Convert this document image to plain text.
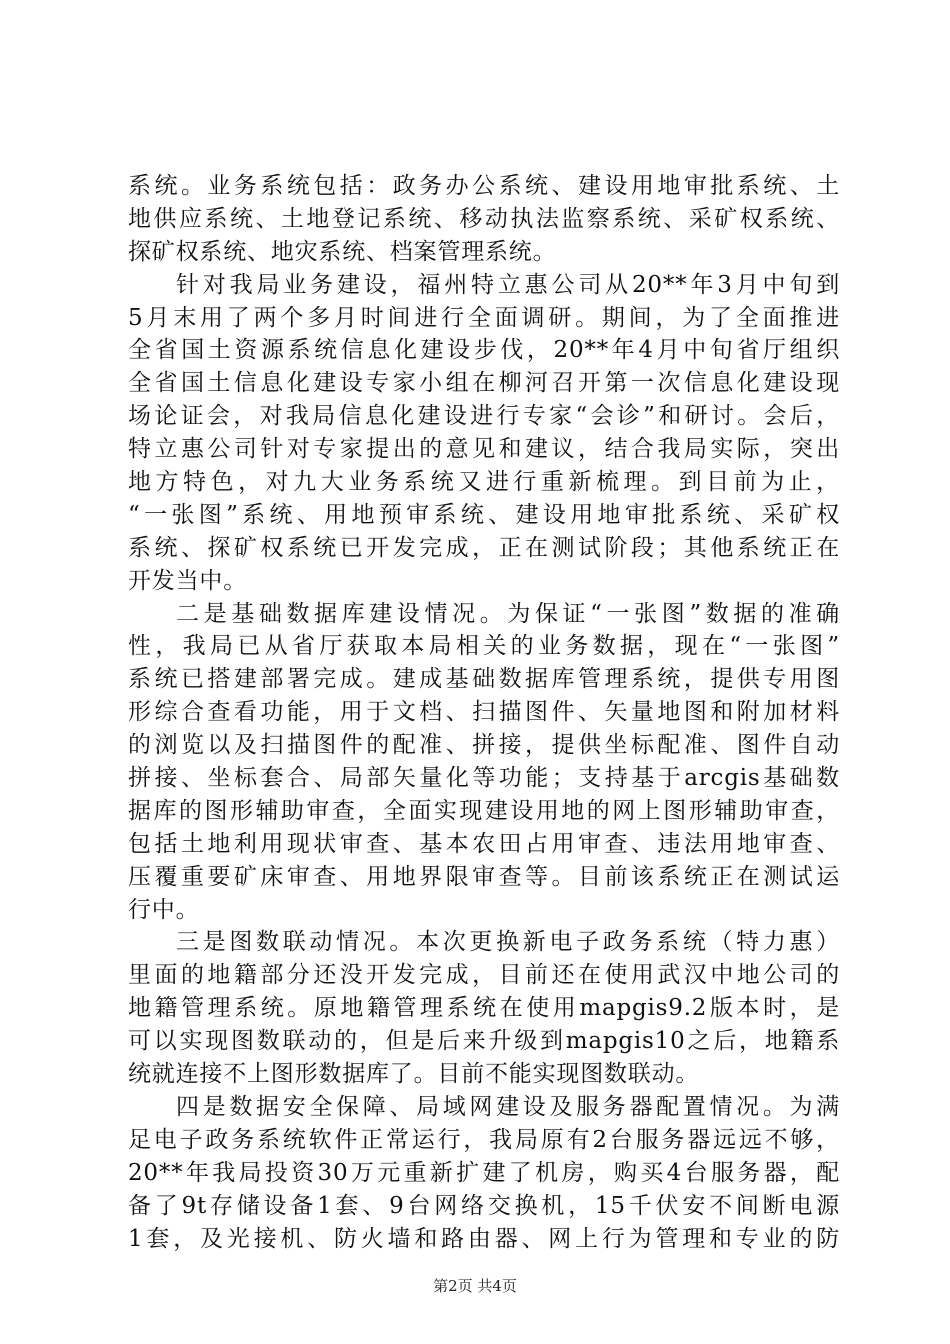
系统。业务系统包括：政务办公系统、建设用地审批系统、土
地供应系统、土地登记系统、移动执法监察系统、采矿权系统、
探矿权系统、地灾系统、档案管理系统。
针对我局业务建设，福州特立惠公司从20**年3月中旬到
5月末用了两个多月时间进行全面调研。期间，为了全面推进
全省国土资源系统信息化建设步伐，20**年4月中旬省厅组织
全省国土信息化建设专家小组在柳河召开第一次信息化建设现
场论证会，对我局信息化建设进行专家“会诊”和研讨。会后，
特立惠公司针对专家提出的意见和建议，结合我局实际，突出
地方特色，对九大业务系统又进行重新梳理。到目前为止，
“一张图”系统、用地预审系统、建设用地审批系统、采矿权
系统、探矿权系统已开发完成，正在测试阶段；其他系统正在
开发当中。
二是基础数据库建设情况。为保证“一张图”数据的准确
性，我局已从省厅获取本局相关的业务数据，现在“一张图”
系统已搭建部署完成。建成基础数据库管理系统，提供专用图
形综合查看功能，用于文档、扫描图件、矢量地图和附加材料
的浏览以及扫描图件的配准、拼接，提供坐标配准、图件自动
拼接、坐标套合、局部矢量化等功能；支持基于arcgis基础数
据库的图形辅助审查，全面实现建设用地的网上图形辅助审查，
包括土地利用现状审查、基本农田占用审查、违法用地审查、
压覆重要矿床审查、用地界限审查等。目前该系统正在测试运
行中。
三是图数联动情况。本次更换新电子政务系统（特力惠）
里面的地籍部分还没开发完成，目前还在使用武汉中地公司的
地籍管理系统。原地籍管理系统在使用mapgis9.2版本时，是
可以实现图数联动的，但是后来升级到mapgis10之后，地籍系
统就连接不上图形数据库了。目前不能实现图数联动。
四是数据安全保障、局域网建设及服务器配置情况。为满
足电子政务系统软件正常运行，我局原有2台服务器远远不够，
20**年我局投资30万元重新扩建了机房，购买4台服务器，配
备了9t存储设备1套、9台网络交换机，15千伏安不间断电源
1套，及光接机、防火墙和路由器、网上行为管理和专业的防
第2页 共4页
